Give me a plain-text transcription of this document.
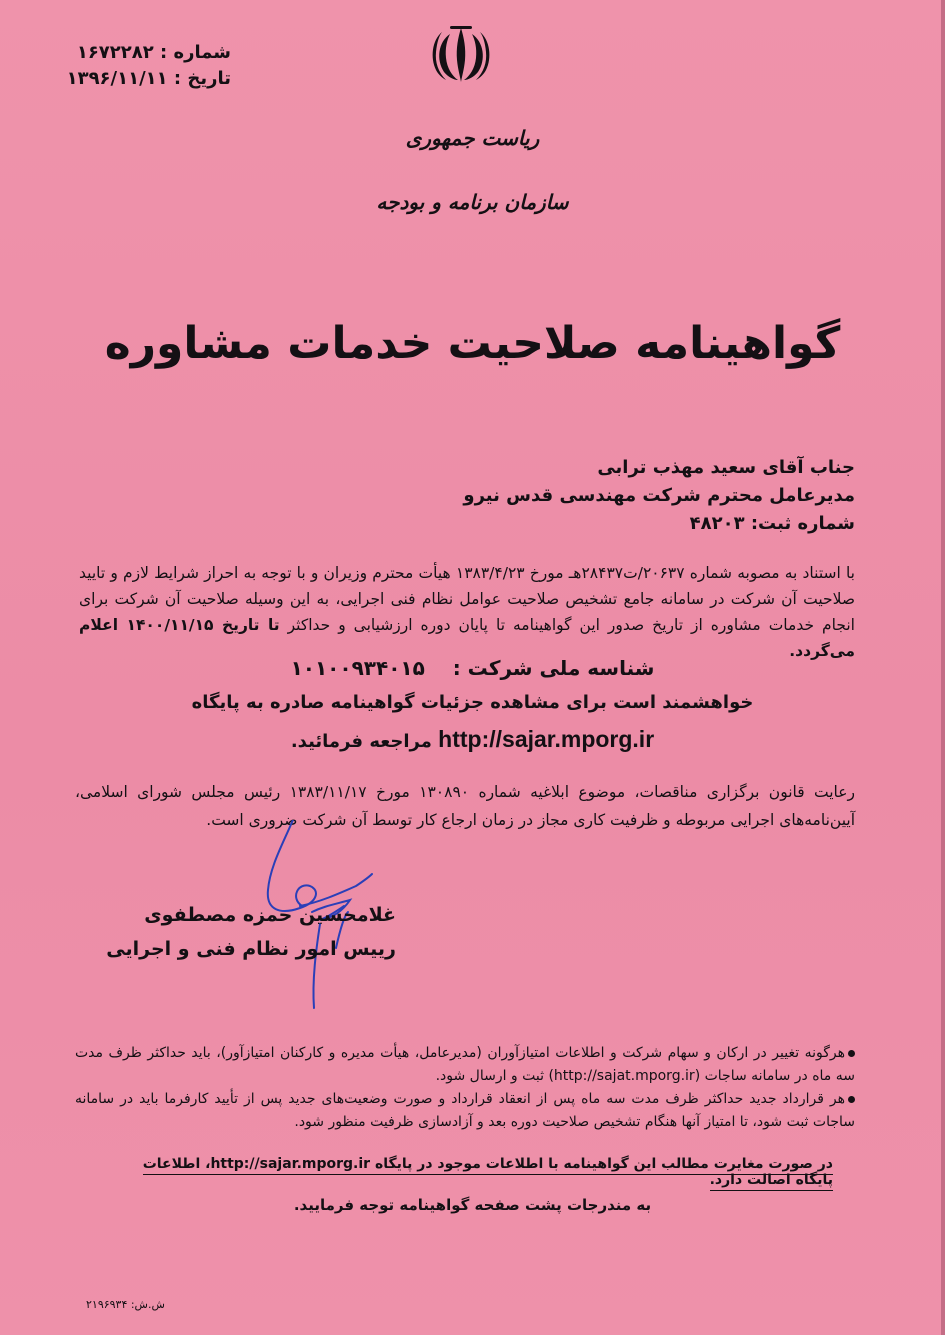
شماره : ۱۶۷۲۲۸۲
تاریخ : ۱۳۹۶/۱۱/۱۱
ریاست جمهوری
سازمان برنامه و بودجه
گواهینامه صلاحیت خدمات مشاوره
جناب آقای سعید مهذب ترابی
مدیرعامل محترم شرکت مهندسی قدس نیرو
شماره ثبت: ۴۸۲۰۳
با استناد به مصوبه شماره ۲۰۶۳۷/ت۲۸۴۳۷هـ مورخ ۱۳۸۳/۴/۲۳ هیأت محترم وزیران و با توجه به احراز شرایط لازم و تایید صلاحیت آن شرکت در سامانه جامع تشخیص صلاحیت عوامل نظام فنی اجرایی، به این وسیله صلاحیت آن شرکت برای انجام خدمات مشاوره از تاریخ صدور این گواهینامه تا پایان دوره ارزشیابی و حداکثر تا تاریخ ۱۴۰۰/۱۱/۱۵ اعلام می‌گردد.
شناسه ملی شرکت :    ۱۰۱۰۰۹۳۴۰۱۵
خواهشمند است برای مشاهده جزئیات گواهینامه صادره به پایگاه
http://sajar.mporg.ir مراجعه فرمائید.
رعایت قانون برگزاری مناقصات، موضوع ابلاغیه شماره ۱۳۰۸۹۰ مورخ ۱۳۸۳/۱۱/۱۷ رئیس مجلس شورای اسلامی، آیین‌نامه‌های اجرایی مربوطه و ظرفیت کاری مجاز در زمان ارجاع کار توسط آن شرکت ضروری است.
غلامحسین حمزه مصطفوی
رییس امور نظام فنی و اجرایی

هرگونه تغییر در ارکان و سهام شرکت و اطلاعات امتیازآوران (مدیرعامل، هیأت مدیره و کارکنان امتیازآور)، باید حداکثر ظرف مدت سه ماه در سامانه ساجات (http://sajat.mporg.ir) ثبت و ارسال شود.

هر قرارداد جدید حداکثر ظرف مدت سه ماه پس از انعقاد قرارداد و صورت وضعیت‌های جدید پس از تأیید کارفرما باید در سامانه ساجات ثبت شود، تا امتیاز آنها هنگام تشخیص صلاحیت دوره بعد و آزادسازی ظرفیت منظور شود.

در صورت مغایرت مطالب این گواهینامه با اطلاعات موجود در پایگاه http://sajar.mporg.ir، اطلاعات پایگاه اصالت دارد.
به مندرجات پشت صفحه گواهینامه توجه فرمایید.
ش.ش: ۲۱۹۶۹۳۴
